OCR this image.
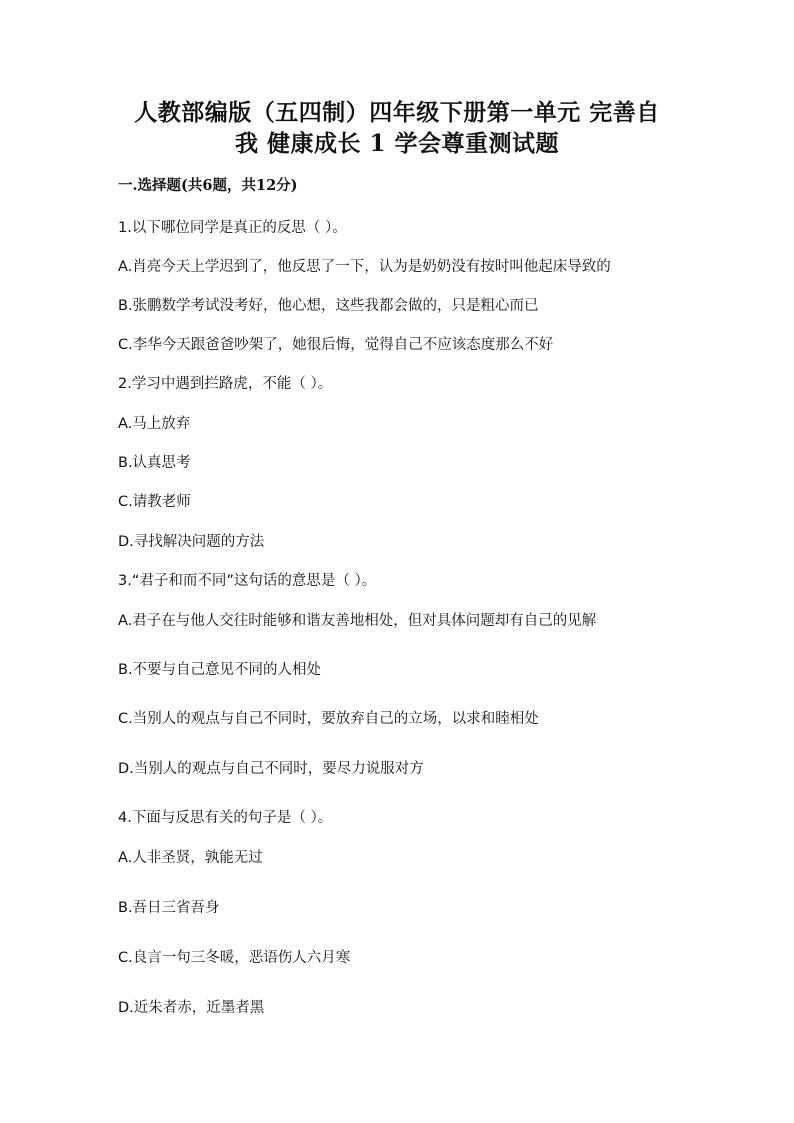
人教部编版（五四制）四年级下册第一单元 完善自
我 健康成长 1 学会尊重测试题
一.选择题(共6题，共12分)
1.以下哪位同学是真正的反思（ ）。
A.肖亮今天上学迟到了，他反思了一下，认为是奶奶没有按时叫他起床导致的
B.张鹏数学考试没考好，他心想，这些我都会做的，只是粗心而已
C.李华今天跟爸爸吵架了，她很后悔，觉得自己不应该态度那么不好
2.学习中遇到拦路虎，不能（ ）。
A.马上放弃
B.认真思考
C.请教老师
D.寻找解决问题的方法
3.“君子和而不同”这句话的意思是（ ）。
A.君子在与他人交往时能够和谐友善地相处，但对具体问题却有自己的见解
B.不要与自己意见不同的人相处
C.当别人的观点与自己不同时，要放弃自己的立场，以求和睦相处
D.当别人的观点与自己不同时，要尽力说服对方
4.下面与反思有关的句子是（ ）。
A.人非圣贤，孰能无过
B.吾日三省吾身
C.良言一句三冬暖，恶语伤人六月寒
D.近朱者赤，近墨者黑
